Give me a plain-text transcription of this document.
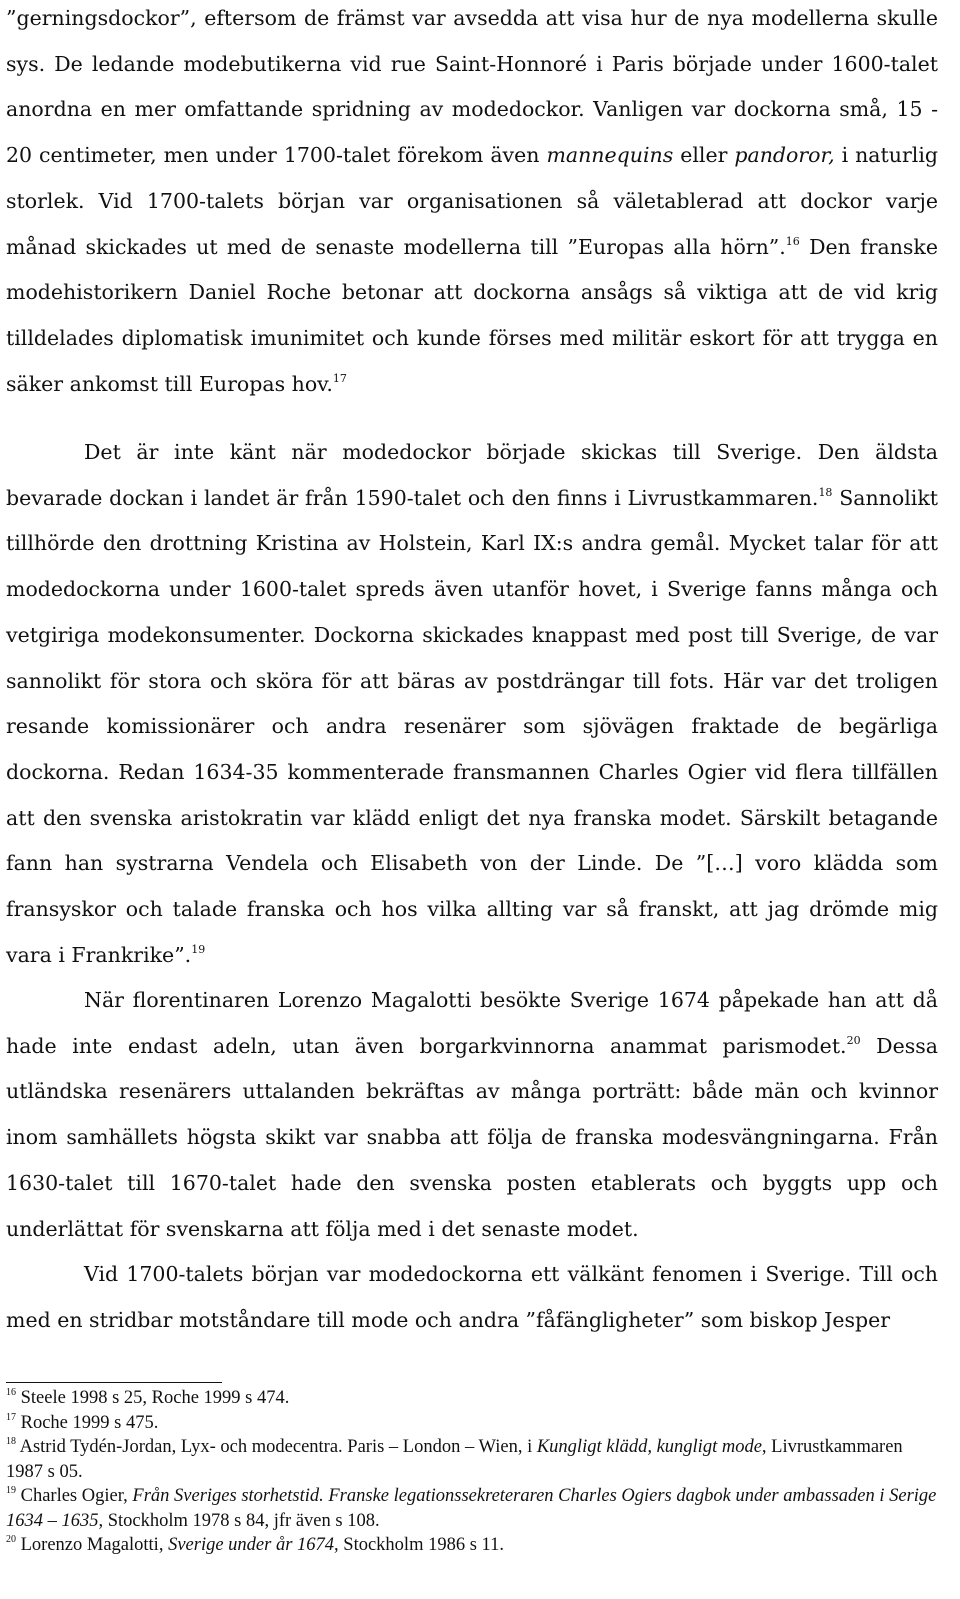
”gerningsdockor”, eftersom de främst var avsedda att visa hur de nya modellerna skulle sys. De ledande modebutikerna vid rue Saint-Honnoré i Paris började under 1600-talet anordna en mer omfattande spridning av modedockor. Vanligen var dockorna små, 15 - 20 centimeter, men under 1700-talet förekom även mannequins eller pandoror, i naturlig storlek. Vid 1700-talets början var organisationen så väletablerad att dockor varje månad skickades ut med de senaste modellerna till ”Europas alla hörn”.$^{16}$ Den franske modehistorikern Daniel Roche betonar att dockorna ansågs så viktiga att de vid krig tilldelades diplomatisk imunimitet och kunde förses med militär eskort för att trygga en säker ankomst till Europas hov.$^{17}$

Det är inte känt när modedockor började skickas till Sverige. Den äldsta bevarade dockan i landet är från 1590-talet och den finns i Livrustkammaren.$^{18}$ Sannolikt tillhörde den drottning Kristina av Holstein, Karl IX:s andra gemål. Mycket talar för att modedockorna under 1600-talet spreds även utanför hovet, i Sverige fanns många och vetgiriga modekonsumenter. Dockorna skickades knappast med post till Sverige, de var sannolikt för stora och sköra för att bäras av postdrängar till fots. Här var det troligen resande komissionärer och andra resenärer som sjövägen fraktade de begärliga dockorna. Redan 1634-35 kommenterade fransmannen Charles Ogier vid flera tillfällen att den svenska aristokratin var klädd enligt det nya franska modet. Särskilt betagande fann han systrarna Vendela och Elisabeth von der Linde. De ”[…] voro klädda som fransyskor och talade franska och hos vilka allting var så franskt, att jag drömde mig vara i Frankrike”.$^{19}$

När florentinaren Lorenzo Magalotti besökte Sverige 1674 påpekade han att då hade inte endast adeln, utan även borgarkvinnorna anammat parismodet.$^{20}$ Dessa utländska resenärers uttalanden bekräftas av många porträtt: både män och kvinnor inom samhällets högsta skikt var snabba att följa de franska modesvängningarna. Från 1630-talet till 1670-talet hade den svenska posten etablerats och byggts upp och underlättat för svenskarna att följa med i det senaste modet.

Vid 1700-talets början var modedockorna ett välkänt fenomen i Sverige. Till och med en stridbar motståndare till mode och andra ”fåfängligheter” som biskop Jesper

$^{16}$ Steele 1998 s 25, Roche 1999 s 474.

$^{17}$ Roche 1999 s 475.

$^{18}$ Astrid Tydén-Jordan, Lyx- och modecentra. Paris – London – Wien, i Kungligt klädd, kungligt mode, Livrustkammaren 1987 s 05.

$^{19}$ Charles Ogier, Från Sveriges storhetstid. Franske legationssekreteraren Charles Ogiers dagbok under ambassaden i Serige 1634 – 1635, Stockholm 1978 s 84, jfr även s 108.

$^{20}$ Lorenzo Magalotti, Sverige under år 1674, Stockholm 1986 s 11.
